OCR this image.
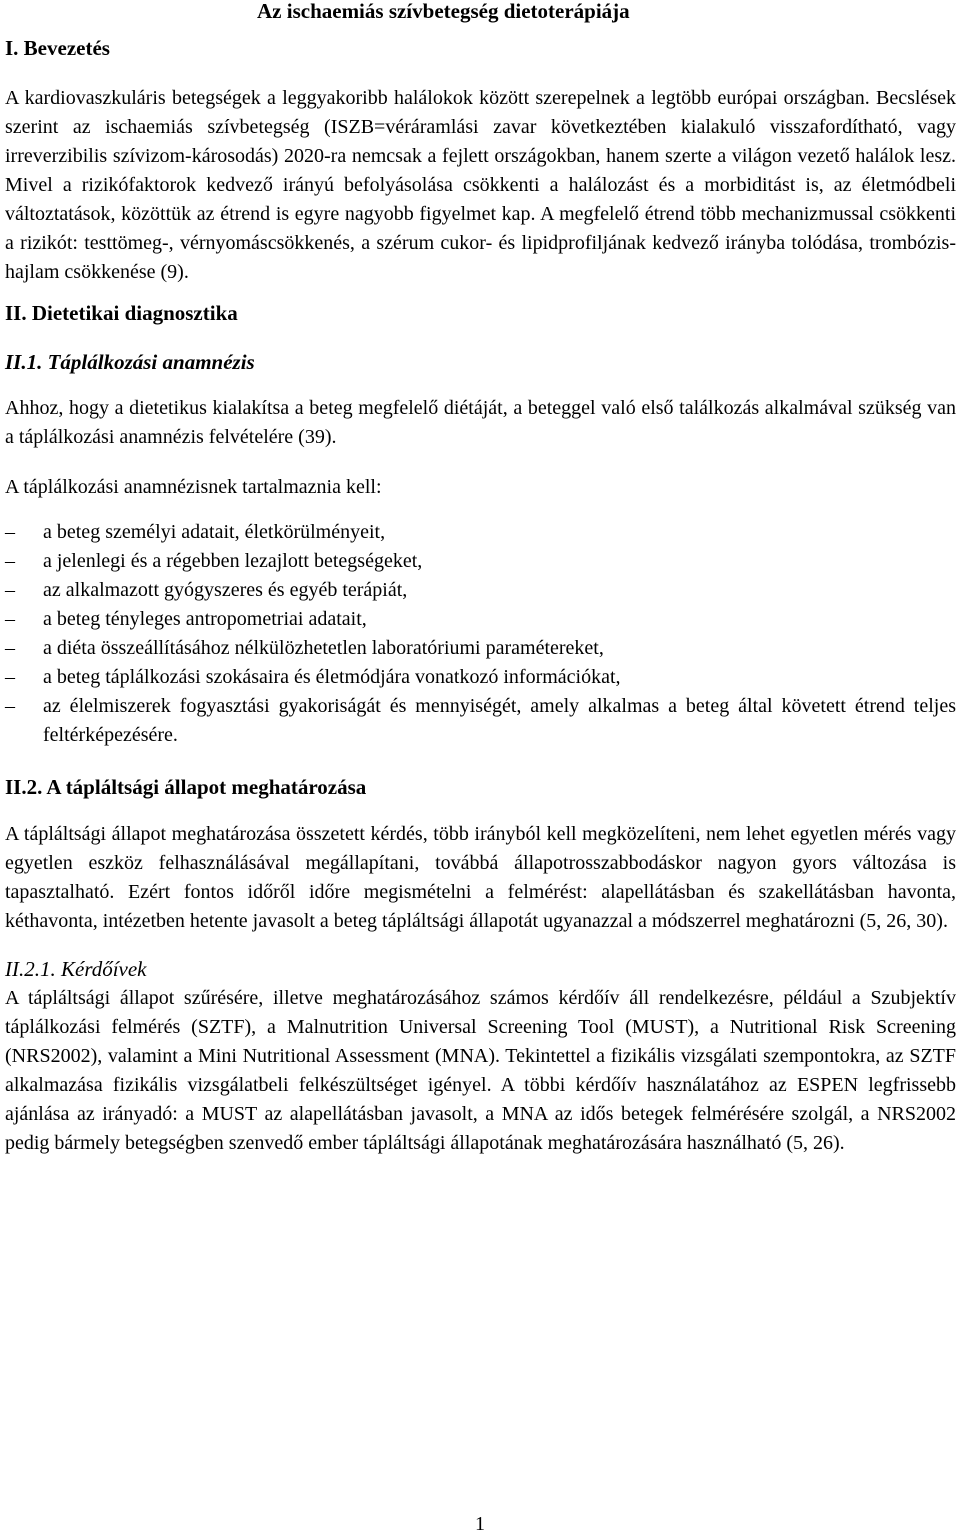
Az ischaemiás szívbetegség dietoterápiája
I. Bevezetés

A kardiovaszkuláris betegségek a leggyakoribb halálokok között szerepelnek a legtöbb európai országban. Becslések szerint az ischaemiás szívbetegség (ISZB=véráramlási zavar következtében kialakuló visszafordítható, vagy irreverzibilis szívizom-károsodás) 2020-ra nemcsak a fejlett országokban, hanem szerte a világon vezető halálok lesz. Mivel a rizikófaktorok kedvező irányú befolyásolása csökkenti a halálozást és a morbiditást is, az életmódbeli változtatások, közöttük az étrend is egyre nagyobb figyelmet kap. A megfelelő étrend több mechanizmussal csökkenti a rizikót: testtömeg-, vérnyomáscsökkenés, a szérum cukor- és lipidprofiljának kedvező irányba tolódása, trombózis-hajlam csökkenése (9).

II. Dietetikai diagnosztika
II.1. Táplálkozási anamnézis

Ahhoz, hogy a dietetikus kialakítsa a beteg megfelelő diétáját, a beteggel való első találkozás alkalmával szükség van a táplálkozási anamnézis felvételére (39).

A táplálkozási anamnézisnek tartalmaznia kell:

–	a beteg személyi adatait, életkörülményeit,
–	a jelenlegi és a régebben lezajlott betegségeket,
–	az alkalmazott gyógyszeres és egyéb terápiát,
–	a beteg tényleges antropometriai adatait,
–	a diéta összeállításához nélkülözhetetlen laboratóriumi paramétereket,
–	a beteg táplálkozási szokásaira és életmódjára vonatkozó információkat,
–	az élelmiszerek fogyasztási gyakoriságát és mennyiségét, amely alkalmas a beteg által követett étrend teljes feltérképezésére.
II.2. A tápláltsági állapot meghatározása

A tápláltsági állapot meghatározása összetett kérdés, több irányból kell megközelíteni, nem lehet egyetlen mérés vagy egyetlen eszköz felhasználásával megállapítani, továbbá állapotrosszabbodáskor nagyon gyors változása is tapasztalható. Ezért fontos időről időre megismételni a felmérést: alapellátásban és szakellátásban havonta, kéthavonta, intézetben hetente javasolt a beteg tápláltsági állapotát ugyanazzal a módszerrel meghatározni (5, 26, 30).

II.2.1. Kérdőívek

A tápláltsági állapot szűrésére, illetve meghatározásához számos kérdőív áll rendelkezésre, például a Szubjektív táplálkozási felmérés (SZTF), a Malnutrition Universal Screening Tool (MUST), a Nutritional Risk Screening (NRS2002), valamint a Mini Nutritional Assessment (MNA). Tekintettel a fizikális vizsgálati szempontokra, az SZTF alkalmazása fizikális vizsgálatbeli felkészültséget igényel. A többi kérdőív használatához az ESPEN legfrissebb ajánlása az irányadó: a MUST az alapellátásban javasolt, a MNA az idős betegek felmérésére szolgál, a NRS2002 pedig bármely betegségben szenvedő ember tápláltsági állapotának meghatározására használható (5, 26).

1
